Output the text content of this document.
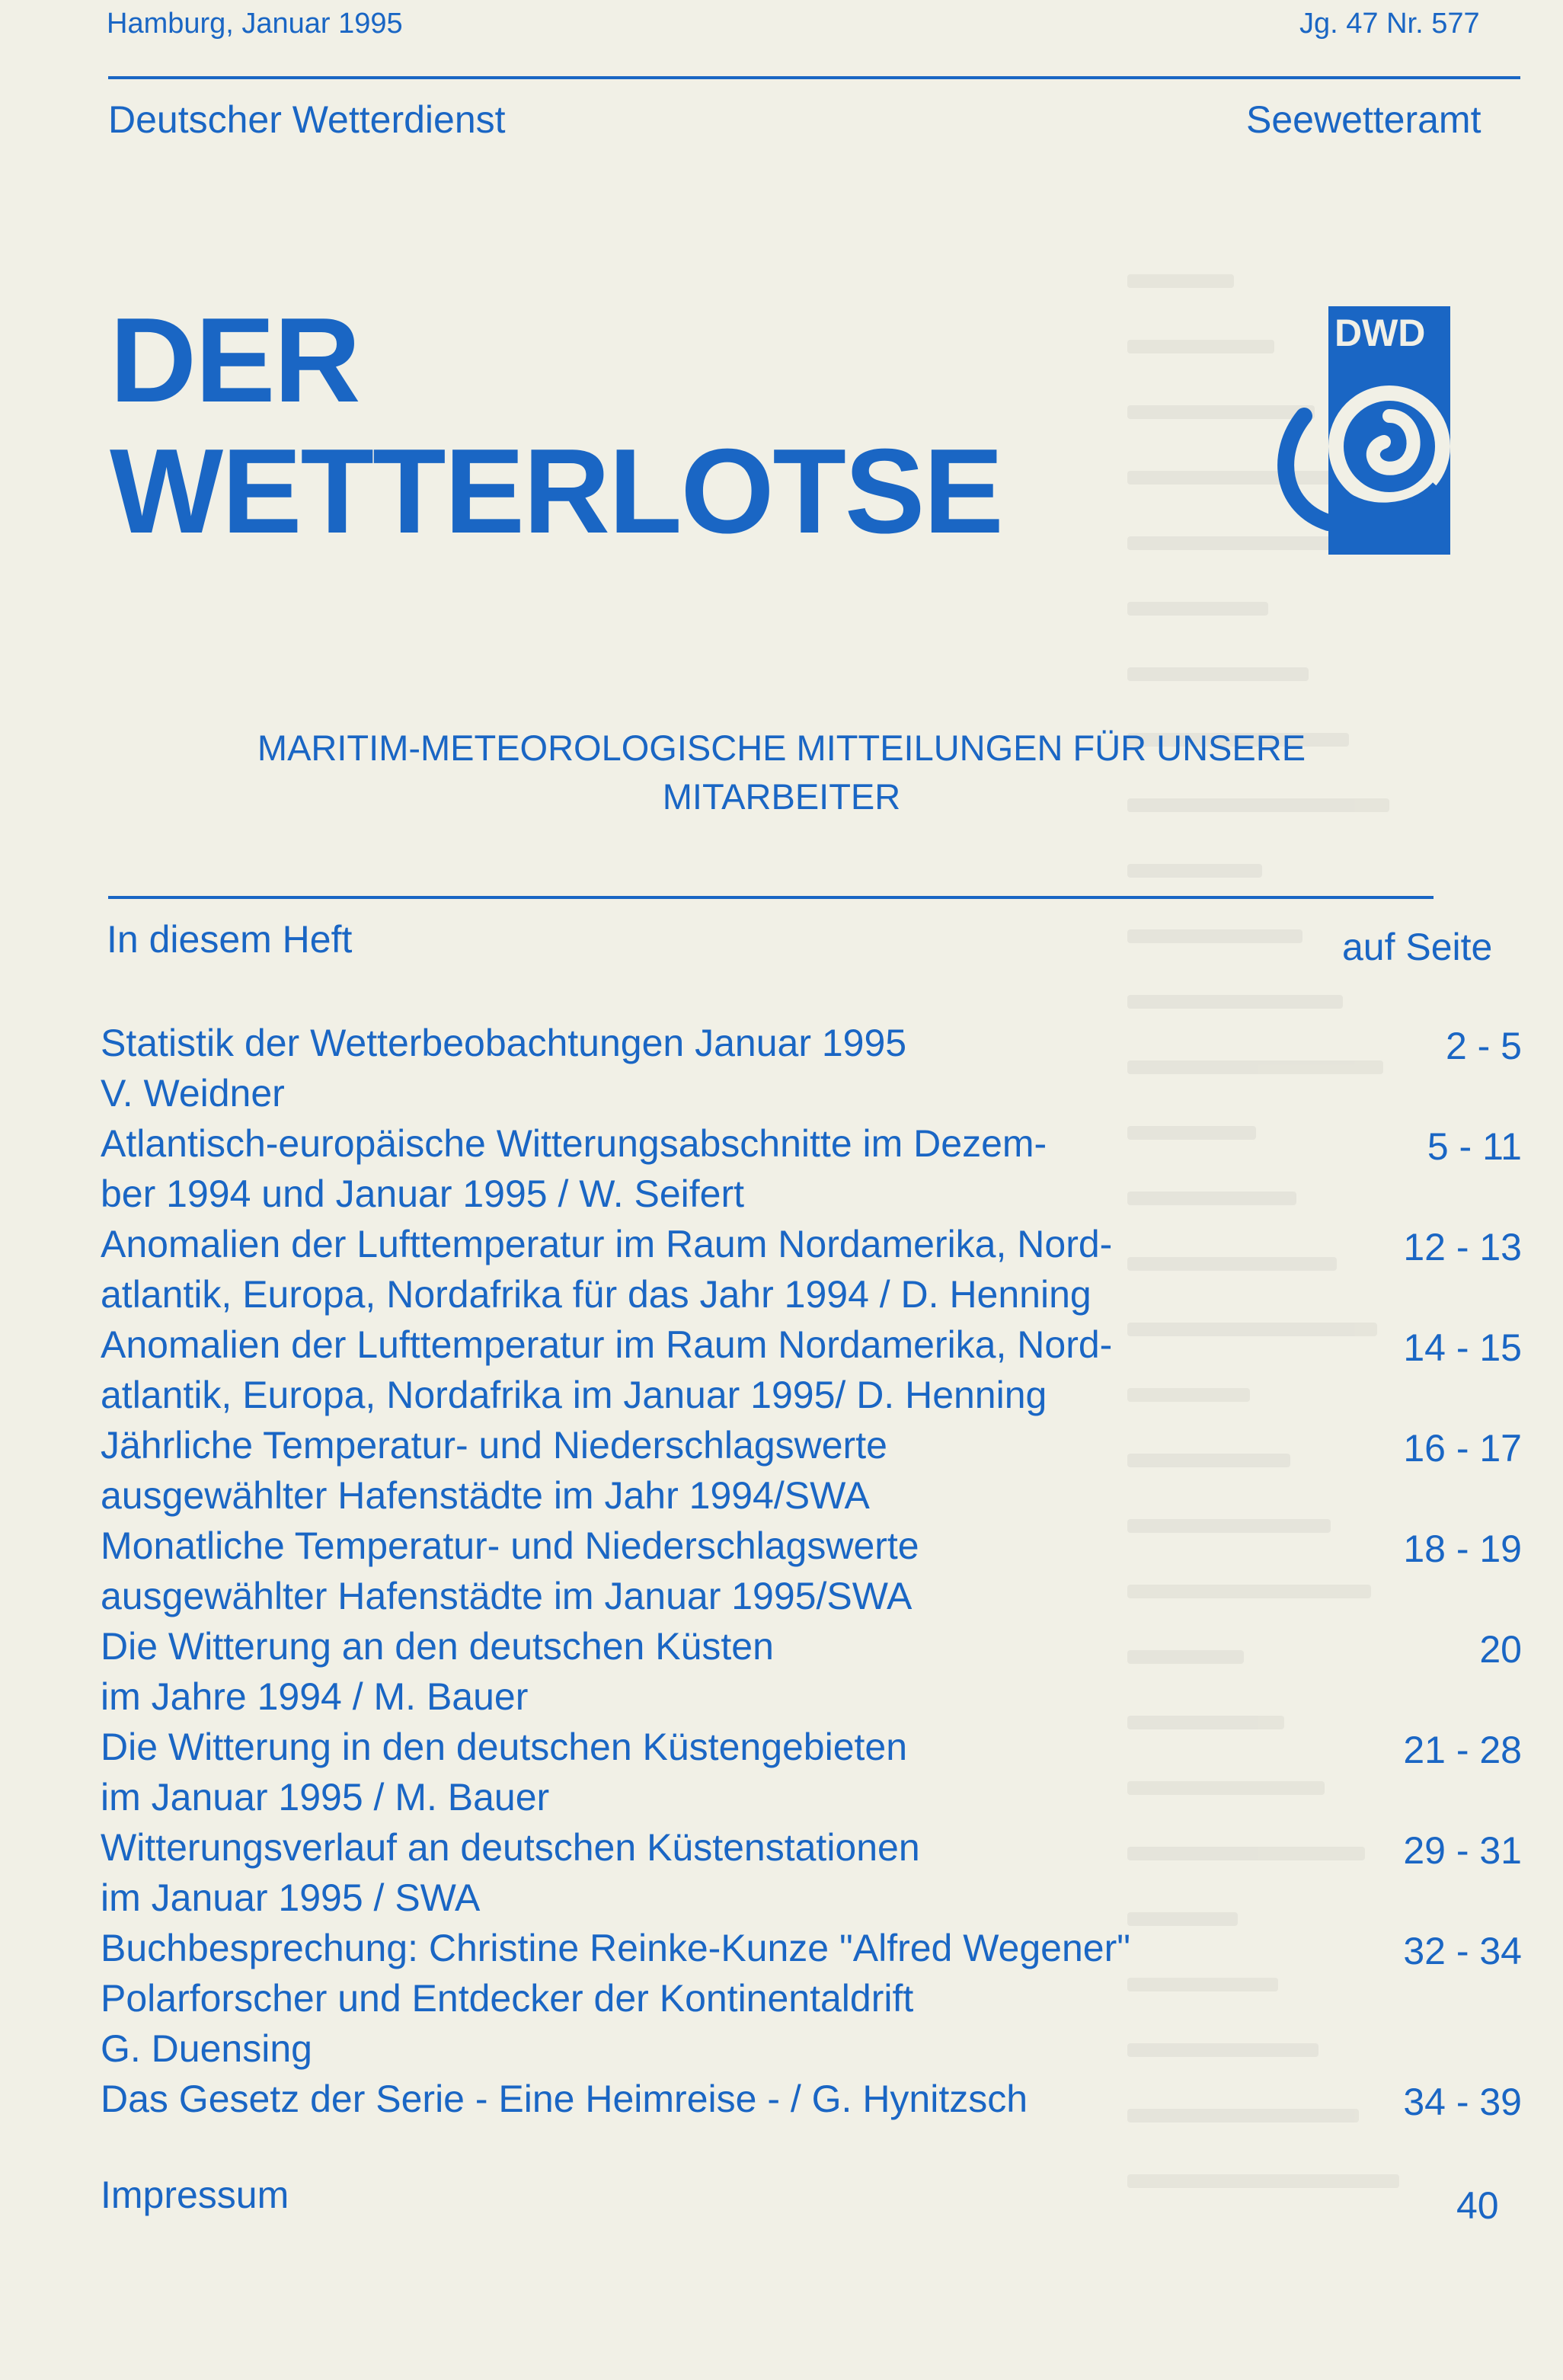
Hamburg, Januar 1995	Jg. 47 Nr. 577
Deutscher Wetterdienst	Seewetteramt
DER
WETTERLOTSE
DWD
MARITIM-METEOROLOGISCHE MITTEILUNGEN FÜR UNSERE
MITARBEITER
In diesem Heft	auf Seite
Statistik der Wetterbeobachtungen Januar 1995
V. Weidner
2 - 5
Atlantisch-europäische Witterungsabschnitte im Dezem-
ber 1994 und Januar 1995 / W. Seifert
5 - 11
Anomalien der Lufttemperatur im Raum Nordamerika, Nord-
atlantik, Europa, Nordafrika für das Jahr 1994 / D. Henning
12 - 13
Anomalien der Lufttemperatur im Raum Nordamerika, Nord-
atlantik, Europa, Nordafrika im Januar 1995/ D. Henning
14 - 15
Jährliche Temperatur- und Niederschlagswerte
ausgewählter Hafenstädte im Jahr 1994/SWA
16 - 17
Monatliche Temperatur- und Niederschlagswerte
ausgewählter Hafenstädte im Januar 1995/SWA
18 - 19
Die Witterung an den deutschen Küsten
im Jahre 1994 / M. Bauer
20
Die Witterung in den deutschen Küstengebieten
im Januar 1995 / M. Bauer
21 - 28
Witterungsverlauf an deutschen Küstenstationen
im Januar 1995 / SWA
29 - 31
Buchbesprechung: Christine Reinke-Kunze "Alfred Wegener"
Polarforscher und Entdecker der Kontinentaldrift
G. Duensing
32 - 34
Das Gesetz der Serie - Eine Heimreise - / G. Hynitzsch	34 - 39
Impressum	40
